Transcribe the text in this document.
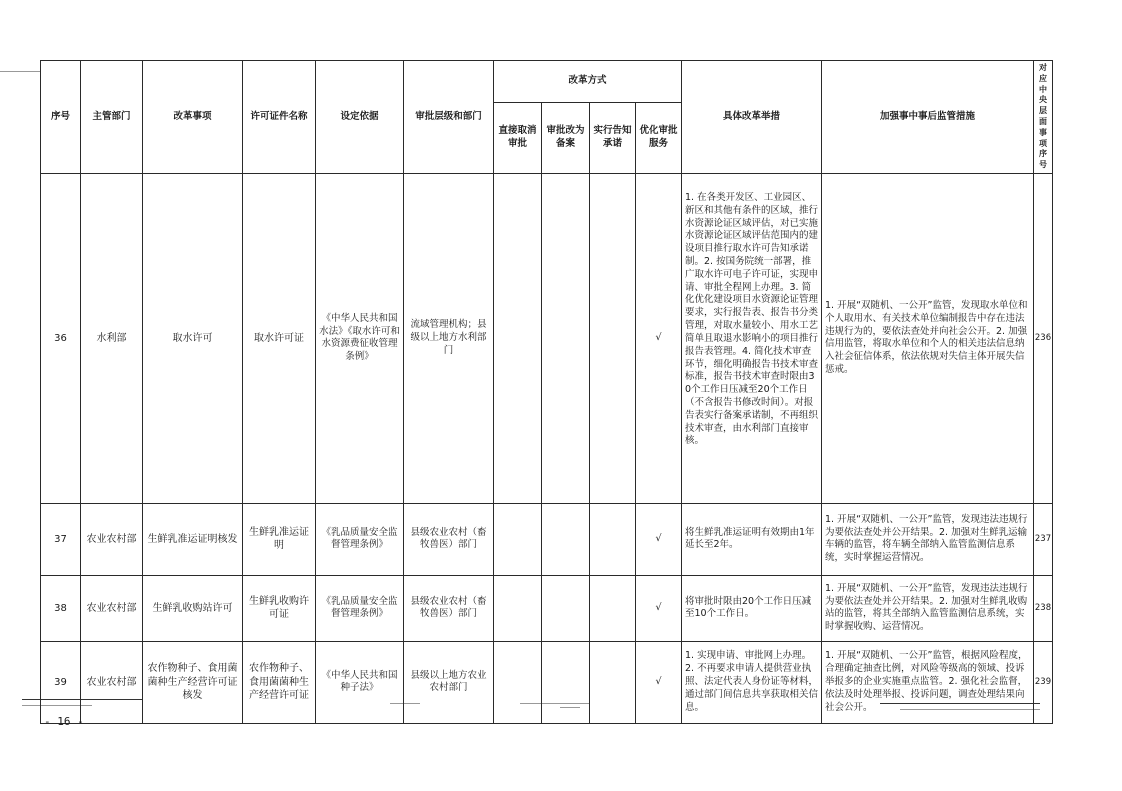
序号	主管部门	改革事项	许可证件名称	设定依据	审批层级和部门	改革方式				具体改革举措	加强事中事后监管措施	对应中央层面事项序号
						直接取消审批	审批改为备案	实行告知承诺	优化审批服务			
36	水利部	取水许可	取水许可证	《中华人民共和国水法》《取水许可和水资源费征收管理条例》	流域管理机构；县级以上地方水利部门				√	1. 在各类开发区、工业园区、新区和其他有条件的区域，推行水资源论证区域评估，对已实施水资源论证区域评估范围内的建设项目推行取水许可告知承诺制。2. 按国务院统一部署，推广取水许可电子许可证，实现申请、审批全程网上办理。3. 简化优化建设项目水资源论证管理要求，实行报告表、报告书分类管理，对取水量较小、用水工艺简单且取退水影响小的项目推行报告表管理。4. 简化技术审查环节，细化明确报告书技术审查标准，报告书技术审查时限由30个工作日压减至20个工作日（不含报告书修改时间）。对报告表实行备案承诺制，不再组织技术审查，由水利部门直接审核。	1. 开展“双随机、一公开”监管，发现取水单位和个人取用水、有关技术单位编制报告中存在违法违规行为的，要依法查处并向社会公开。2. 加强信用监管，将取水单位和个人的相关违法信息纳入社会征信体系，依法依规对失信主体开展失信惩戒。	236
37	农业农村部	生鲜乳准运证明核发	生鲜乳准运证明	《乳品质量安全监督管理条例》	县级农业农村（畜牧兽医）部门				√	将生鲜乳准运证明有效期由1年延长至2年。	1. 开展“双随机、一公开”监管，发现违法违规行为要依法查处并公开结果。2. 加强对生鲜乳运输车辆的监管，将车辆全部纳入监管监测信息系统，实时掌握运营情况。	237
38	农业农村部	生鲜乳收购站许可	生鲜乳收购许可证	《乳品质量安全监督管理条例》	县级农业农村（畜牧兽医）部门				√	将审批时限由20个工作日压减至10个工作日。	1. 开展“双随机、一公开”监管，发现违法违规行为要依法查处并公开结果。2. 加强对生鲜乳收购站的监管，将其全部纳入监管监测信息系统，实时掌握收购、运营情况。	238
39	农业农村部	农作物种子、食用菌菌种生产经营许可证核发	农作物种子、食用菌菌种生产经营许可证	《中华人民共和国种子法》	县级以上地方农业农村部门				√	1. 实现申请、审批网上办理。2. 不再要求申请人提供营业执照、法定代表人身份证等材料，通过部门间信息共享获取相关信息。	1. 开展“双随机、一公开”监管，根据风险程度，合理确定抽查比例，对风险等级高的领域、投诉举报多的企业实施重点监管。2. 强化社会监督，依法及时处理举报、投诉问题，调查处理结果向社会公开。	239
- 16 -
